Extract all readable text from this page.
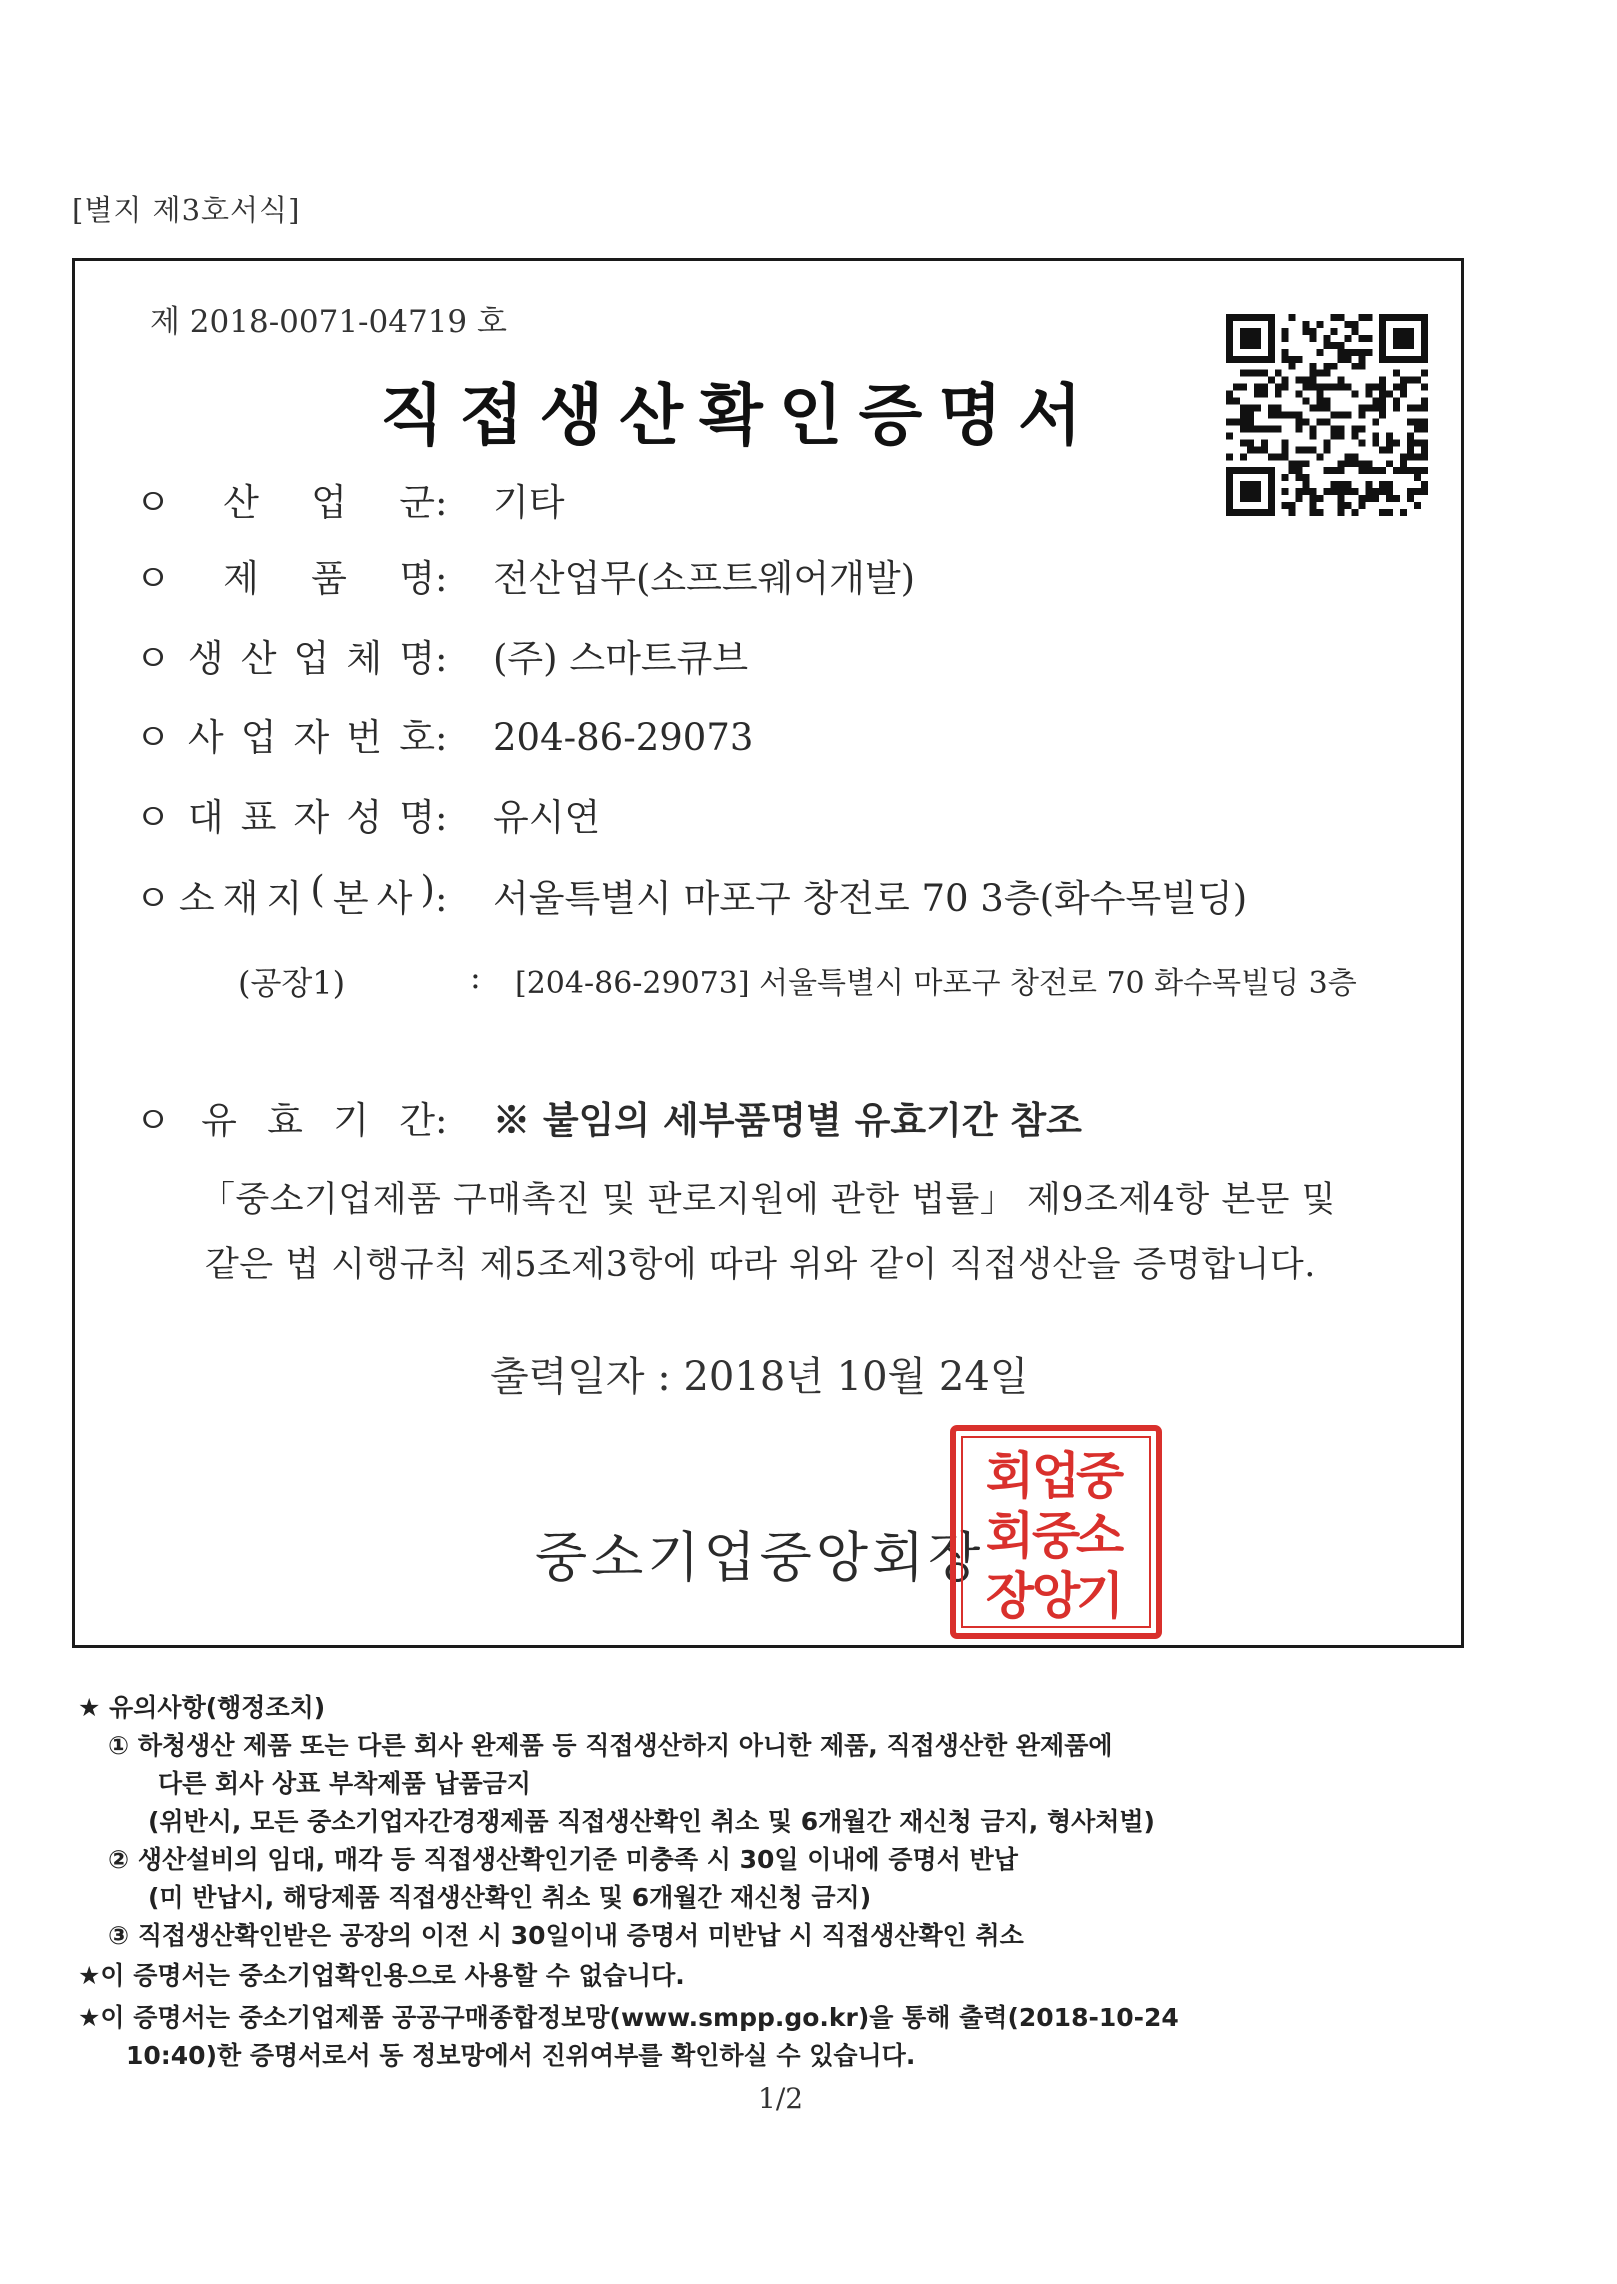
[별지 제3호서식]
제 2018-0071-04719 호
직접생산확인증명서
ㅇ 산 업 군 : 기타
ㅇ 제 품 명 : 전산업무(소프트웨어개발)
ㅇ 생 산 업 체 명 : (주) 스마트큐브
ㅇ 사 업 자 번 호 : 204-86-29073
ㅇ 대 표 자 성 명 : 유시연
ㅇ 소 재 지 ( 본 사 ) : 서울특별시 마포구 창전로 70 3층(화수목빌딩)
(공장1)	: [204-86-29073] 서울특별시 마포구 창전로 70 화수목빌딩 3층
ㅇ 유 효 기 간 : ※ 붙임의 세부품명별 유효기간 참조
「중소기업제품 구매촉진 및 판로지원에 관한 법률」 제9조제4항 본문 및
같은 법 시행규칙 제5조제3항에 따라 위와 같이 직접생산을 증명합니다.
출력일자 : 2018년 10월 24일
중소기업중앙회장
중
소
기
업
중
앙
회
회
장
★ 유의사항(행정조치)
① 하청생산 제품 또는 다른 회사 완제품 등 직접생산하지 아니한 제품, 직접생산한 완제품에
다른 회사 상표 부착제품 납품금지
(위반시, 모든 중소기업자간경쟁제품 직접생산확인 취소 및 6개월간 재신청 금지, 형사처벌)
② 생산설비의 임대, 매각 등 직접생산확인기준 미충족 시 30일 이내에 증명서 반납
(미 반납시, 해당제품 직접생산확인 취소 및 6개월간 재신청 금지)
③ 직접생산확인받은 공장의 이전 시 30일이내 증명서 미반납 시 직접생산확인 취소
★이 증명서는 중소기업확인용으로 사용할 수 없습니다.
★이 증명서는 중소기업제품 공공구매종합정보망(www.smpp.go.kr)을 통해 출력(2018-10-24
10:40)한 증명서로서 동 정보망에서 진위여부를 확인하실 수 있습니다.
1/2
